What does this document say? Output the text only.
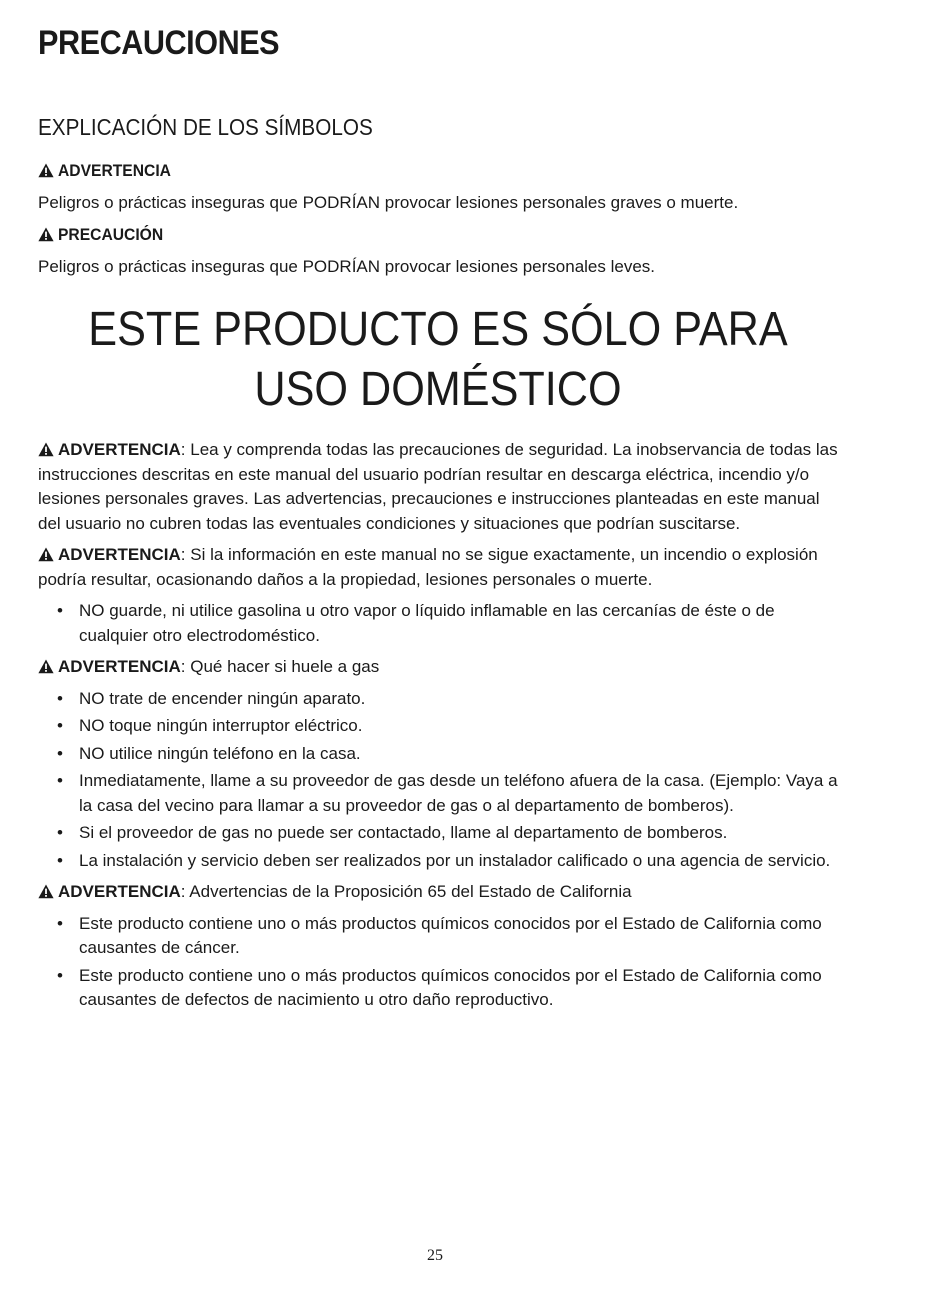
PRECAUCIONES
EXPLICACIÓN DE LOS SÍMBOLOS
ADVERTENCIA
Peligros o prácticas inseguras que PODRÍAN provocar lesiones personales graves o muerte.
PRECAUCIÓN
Peligros o prácticas inseguras que PODRÍAN provocar lesiones personales leves.
ESTE PRODUCTO ES SÓLO PARA
USO DOMÉSTICO

ADVERTENCIA: Lea y comprenda todas las precauciones de seguridad. La inobservancia de todas las instrucciones descritas en este manual del usuario podrían resultar en descarga eléctrica, incendio y/o lesiones personales graves. Las advertencias, precauciones e instrucciones planteadas en este manual del usuario no cubren todas las eventuales condiciones y situaciones que podrían suscitarse.

ADVERTENCIA: Si la información en este manual no se sigue exactamente, un incendio o explosión podría resultar, ocasionando daños a la propiedad, lesiones personales o muerte.

• NO guarde, ni utilice gasolina u otro vapor o líquido inflamable en las cercanías de éste o de cualquier otro electrodoméstico.

ADVERTENCIA: Qué hacer si huele a gas

• NO trate de encender ningún aparato.
• NO toque ningún interruptor eléctrico.
• NO utilice ningún teléfono en la casa.
• Inmediatamente, llame a su proveedor de gas desde un teléfono afuera de la casa. (Ejemplo: Vaya a la casa del vecino para llamar a su proveedor de gas o al departamento de bomberos).
• Si el proveedor de gas no puede ser contactado, llame al departamento de bomberos.
• La instalación y servicio deben ser realizados por un instalador calificado o una agencia de servicio.

ADVERTENCIA: Advertencias de la Proposición 65 del Estado de California

• Este producto contiene uno o más productos químicos conocidos por el Estado de California como causantes de cáncer.
• Este producto contiene uno o más productos químicos conocidos por el Estado de California como causantes de defectos de nacimiento u otro daño reproductivo.
25
